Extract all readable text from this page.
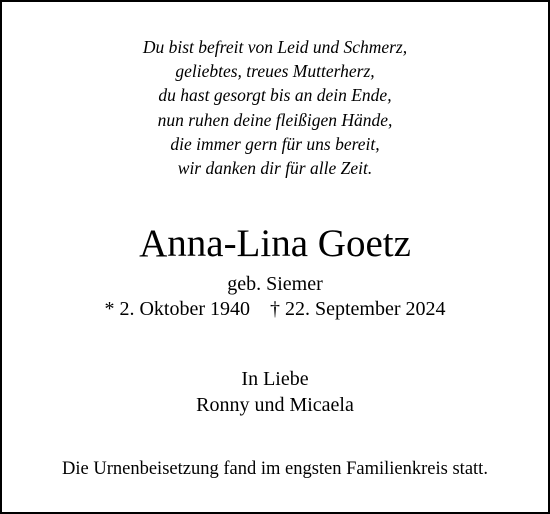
Du bist befreit von Leid und Schmerz,
geliebtes, treues Mutterherz,
du hast gesorgt bis an dein Ende,
nun ruhen deine fleißigen Hände,
die immer gern für uns bereit,
wir danken dir für alle Zeit.
Anna-Lina Goetz
geb. Siemer
* 2. Oktober 1940 † 22. September 2024
In Liebe
Ronny und Micaela
Die Urnenbeisetzung fand im engsten Familienkreis statt.
